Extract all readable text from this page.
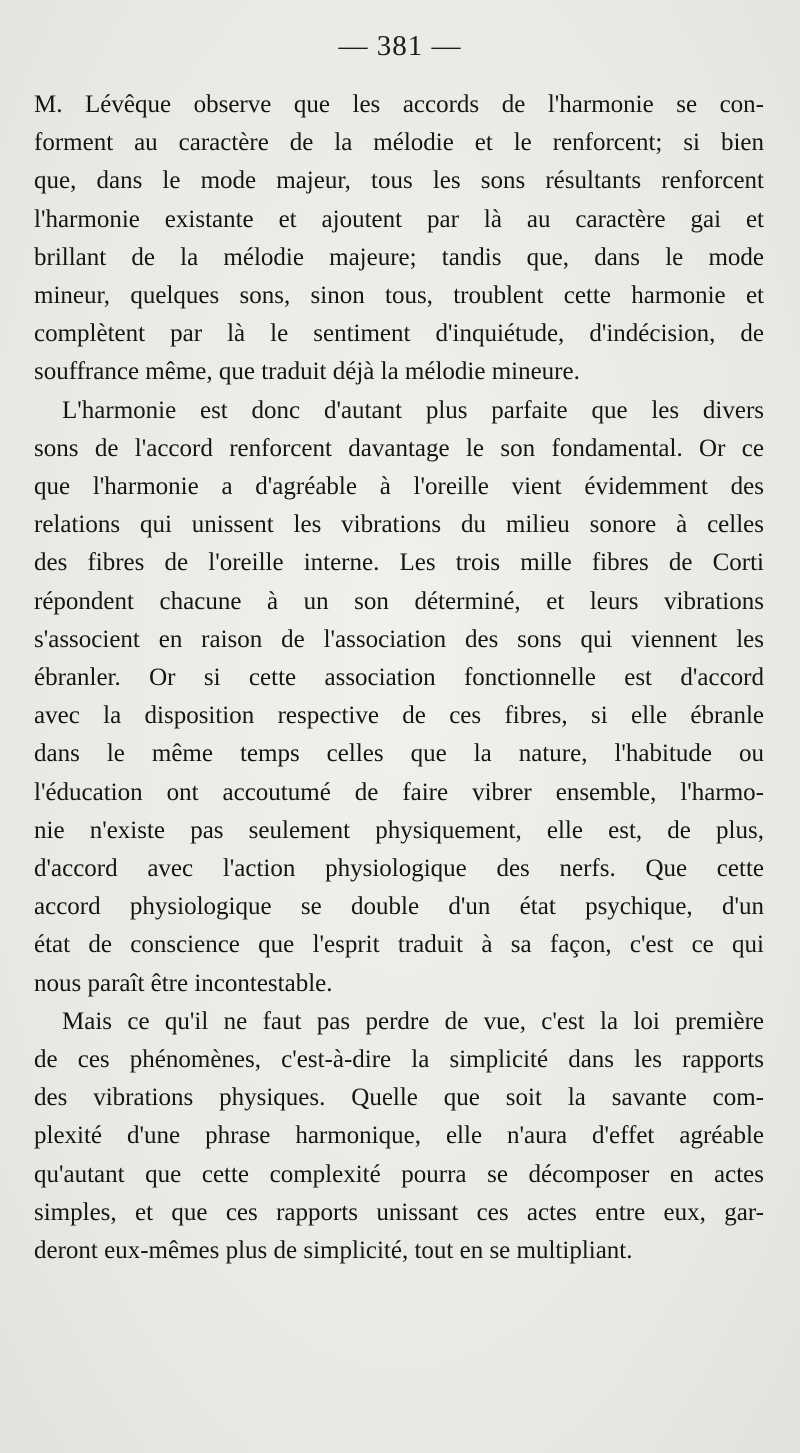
— 381 —

M. Lévêque observe que les accords de l'harmonie se con-
forment au caractère de la mélodie et le renforcent; si bien
que, dans le mode majeur, tous les sons résultants renforcent
l'harmonie existante et ajoutent par là au caractère gai et
brillant de la mélodie majeure; tandis que, dans le mode
mineur, quelques sons, sinon tous, troublent cette harmonie et
complètent par là le sentiment d'inquiétude, d'indécision, de
souffrance même, que traduit déjà la mélodie mineure.

L'harmonie est donc d'autant plus parfaite que les divers
sons de l'accord renforcent davantage le son fondamental. Or ce
que l'harmonie a d'agréable à l'oreille vient évidemment des
relations qui unissent les vibrations du milieu sonore à celles
des fibres de l'oreille interne. Les trois mille fibres de Corti
répondent chacune à un son déterminé, et leurs vibrations
s'associent en raison de l'association des sons qui viennent les
ébranler. Or si cette association fonctionnelle est d'accord
avec la disposition respective de ces fibres, si elle ébranle
dans le même temps celles que la nature, l'habitude ou
l'éducation ont accoutumé de faire vibrer ensemble, l'harmo-
nie n'existe pas seulement physiquement, elle est, de plus,
d'accord avec l'action physiologique des nerfs. Que cette
accord physiologique se double d'un état psychique, d'un
état de conscience que l'esprit traduit à sa façon, c'est ce qui
nous paraît être incontestable.

Mais ce qu'il ne faut pas perdre de vue, c'est la loi première
de ces phénomènes, c'est-à-dire la simplicité dans les rapports
des vibrations physiques. Quelle que soit la savante com-
plexité d'une phrase harmonique, elle n'aura d'effet agréable
qu'autant que cette complexité pourra se décomposer en actes
simples, et que ces rapports unissant ces actes entre eux, gar-
deront eux-mêmes plus de simplicité, tout en se multipliant.
